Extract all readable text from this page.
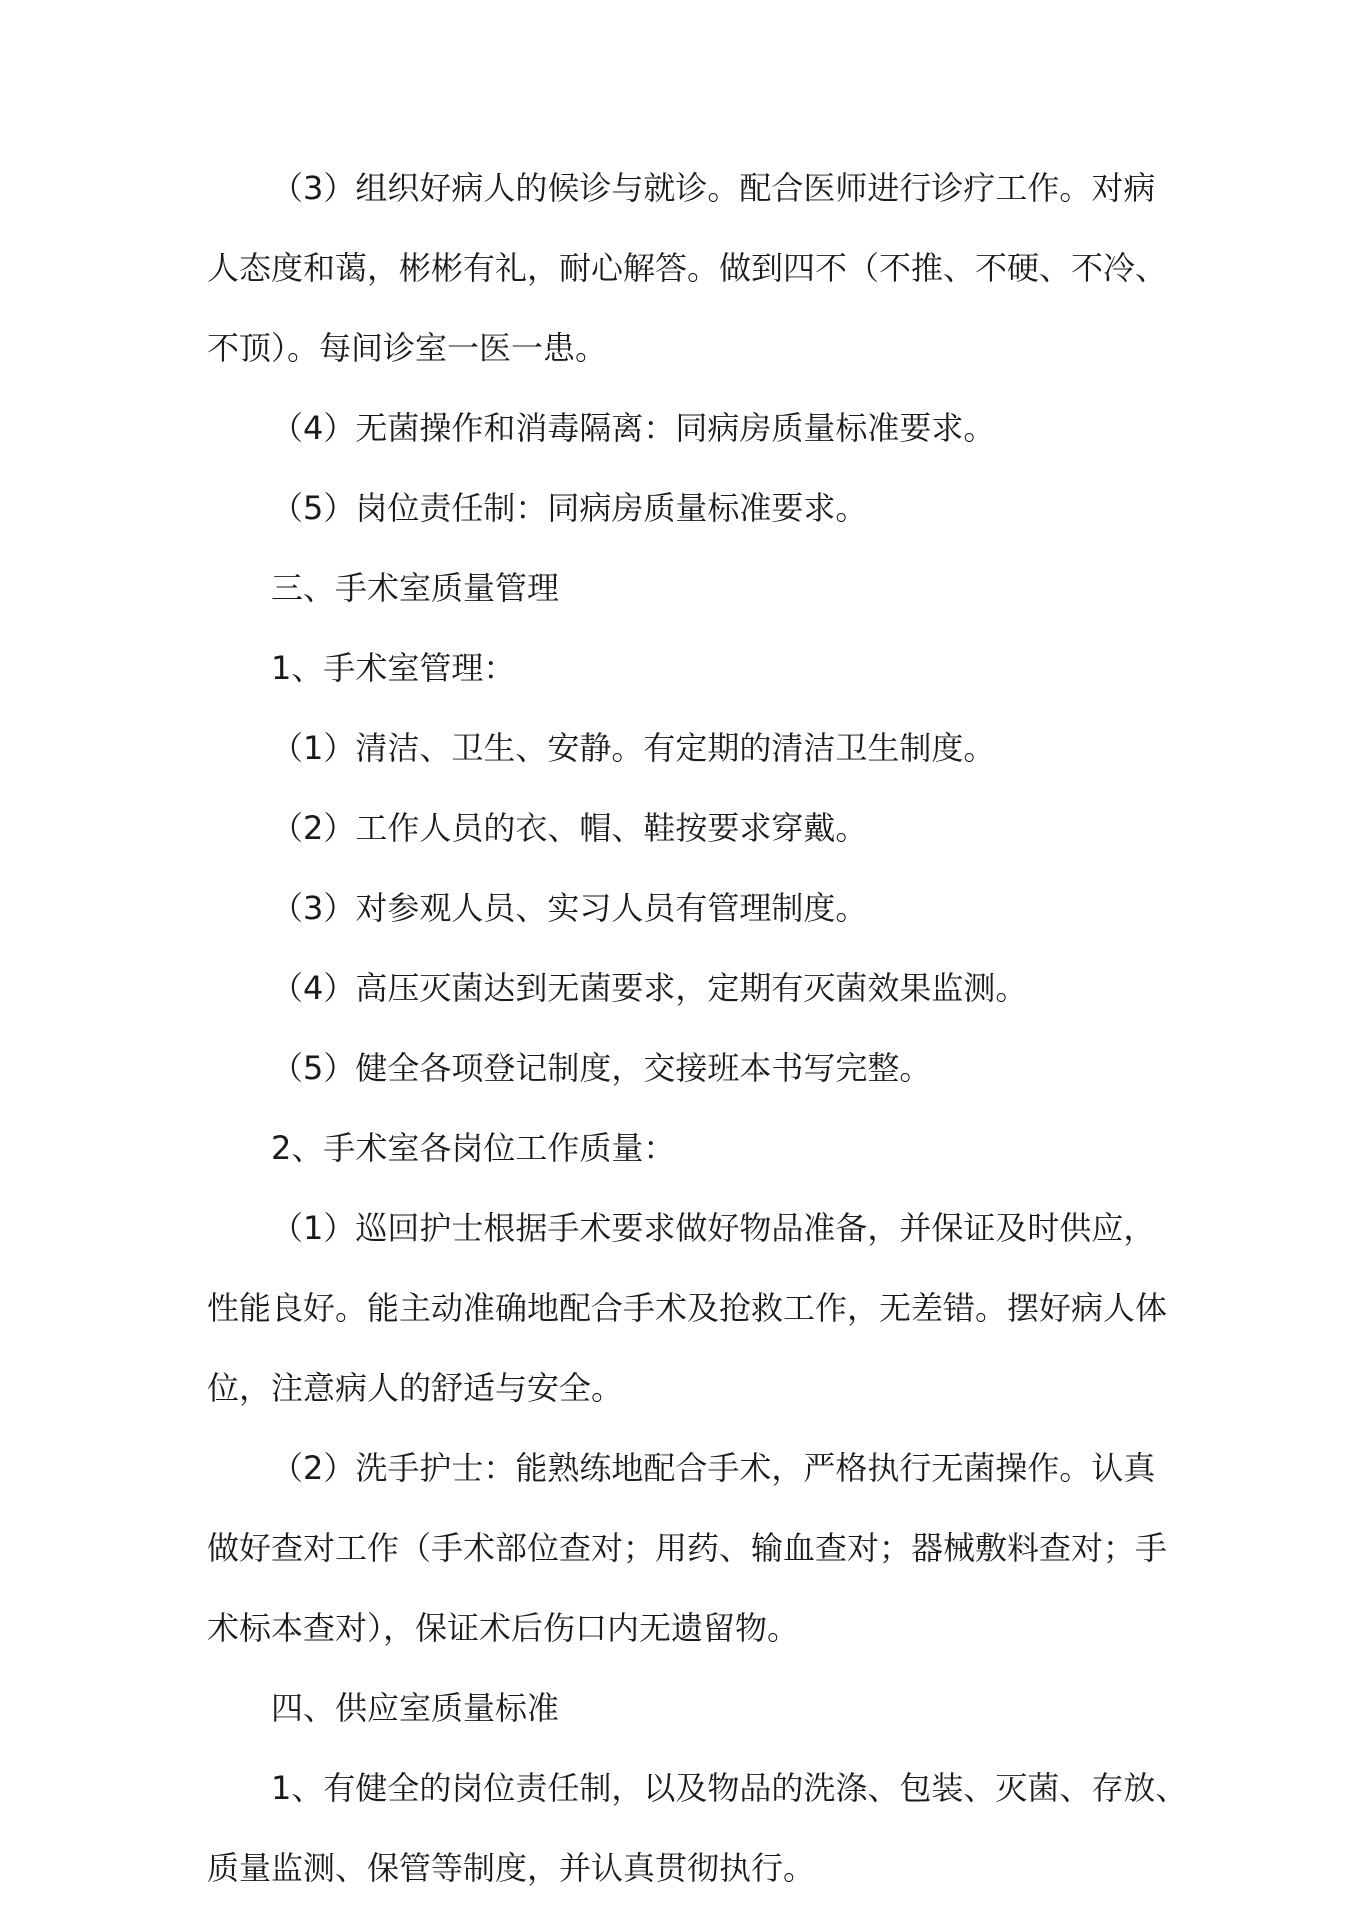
（3）组织好病人的候诊与就诊。配合医师进行诊疗工作。对病

人态度和蔼，彬彬有礼，耐心解答。做到四不（不推、不硬、不冷、

不顶）。每间诊室一医一患。

（4）无菌操作和消毒隔离：同病房质量标准要求。

（5）岗位责任制：同病房质量标准要求。

三、手术室质量管理

1、手术室管理：

（1）清洁、卫生、安静。有定期的清洁卫生制度。

（2）工作人员的衣、帽、鞋按要求穿戴。

（3）对参观人员、实习人员有管理制度。

（4）高压灭菌达到无菌要求，定期有灭菌效果监测。

（5）健全各项登记制度，交接班本书写完整。

2、手术室各岗位工作质量：

（1）巡回护士根据手术要求做好物品准备，并保证及时供应，

性能良好。能主动准确地配合手术及抢救工作，无差错。摆好病人体

位，注意病人的舒适与安全。

（2）洗手护士：能熟练地配合手术，严格执行无菌操作。认真

做好查对工作（手术部位查对；用药、输血查对；器械敷料查对；手

术标本查对），保证术后伤口内无遗留物。

四、供应室质量标准

1、有健全的岗位责任制，以及物品的洗涤、包装、灭菌、存放、

质量监测、保管等制度，并认真贯彻执行。
